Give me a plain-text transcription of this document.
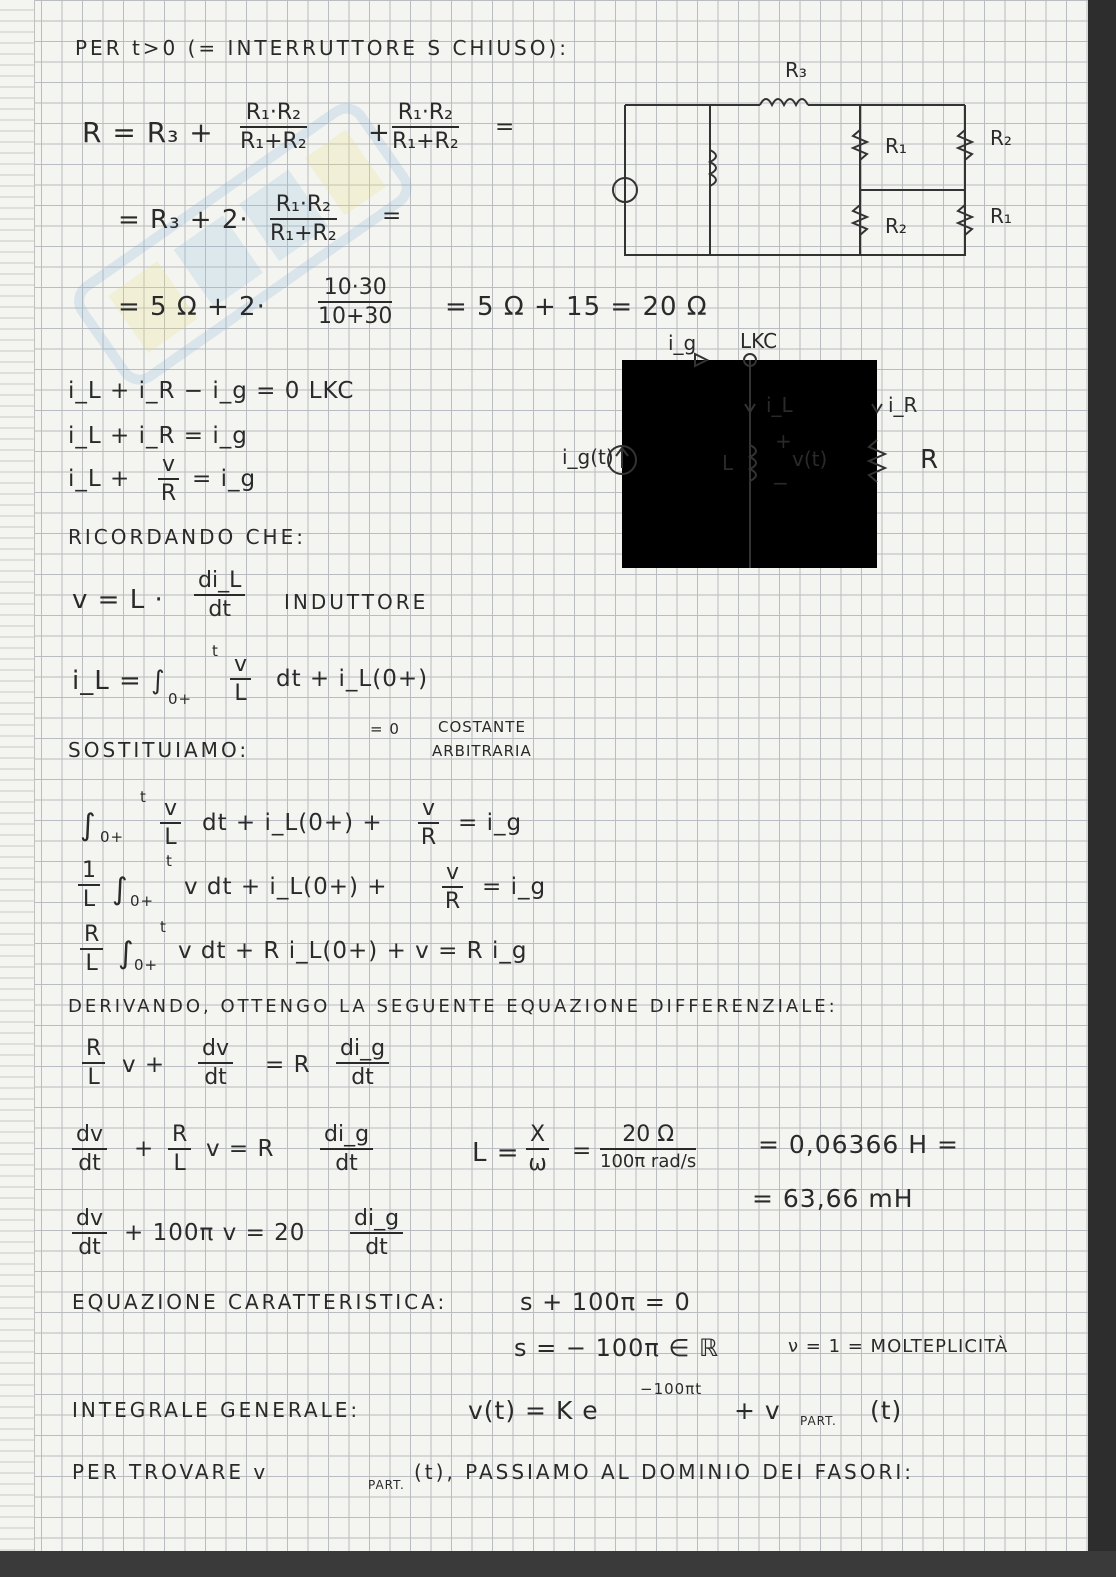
PER t>0 (= INTERRUTTORE S CHIUSO):
$R = R_3 + \frac{\text{R₁·R₂}}{\text{R₁+R₂}} + \frac{\text{R₁·R₂}}{\text{R₁+R₂}}$ =
= $R_3 + 2\cdot \frac{\text{R₁·R₂}}{\text{R₁+R₂}}$ =
= 5 $\Omega + 2\cdot \frac{10\cdot 30}{10+30} = 5$ Ω + 15 = 20 Ω
R₃
R₁	R₂
R₂	R₁
i_g LKC
i_L	i_R
i_g(t)	L
+
v(t)
−
R
i_L + i_R − i_g = 0 LKC
i_L + i_R = i_g
i_L + $\frac{v}{R}$ = i_g
RICORDANDO CHE:
$v = L \cdot \frac{di\_L}{dt}$ INDUTTORE
i_L = ∫
0+
t
$\frac{v}{L}$ dt + i_L(0+)
= 0	COSTANTE
ARBITRARIA
SOSTITUIAMO:
∫ 0+
t $\frac{v}{L}$ dt + i_L(0+) + $\frac{v}{R}$ = i_g
$\frac{1}{L}$ ∫ 0+
t
v dt + i_L(0+) + $\frac{v}{R}$ = i_g
$\frac{R}{L}$ ∫ 0+
t
v dt + R i_L(0+) + v = R i_g
DERIVANDO, OTTENGO LA SEGUENTE EQUAZIONE DIFFERENZIALE:
$\frac{R}{L}$ $v + \frac{dv}{dt} = R \frac{di\_g}{dt}$
$\frac{dv}{dt} + \frac{R}{L}$ v = R $\frac{di\_g}{dt}$	$L = \frac{X}{\omega}$ =
20 Ω
100π rad/s
= 0,06366 H =
= 63,66 mH
$\frac{dv}{dt} + 100\pi$ $v = 20 \frac{di\_g}{dt}$
EQUAZIONE CARATTERISTICA:	s + 100π = 0
s = − 100π ∈ ℝ	ν = 1 = MOLTEPLICITÀ
INTEGRALE GENERALE:	v(t) = K e
−100πt
+ v PART. (t)
PER TROVARE v
PART.
(t), PASSIAMO AL DOMINIO DEI FASORI:
